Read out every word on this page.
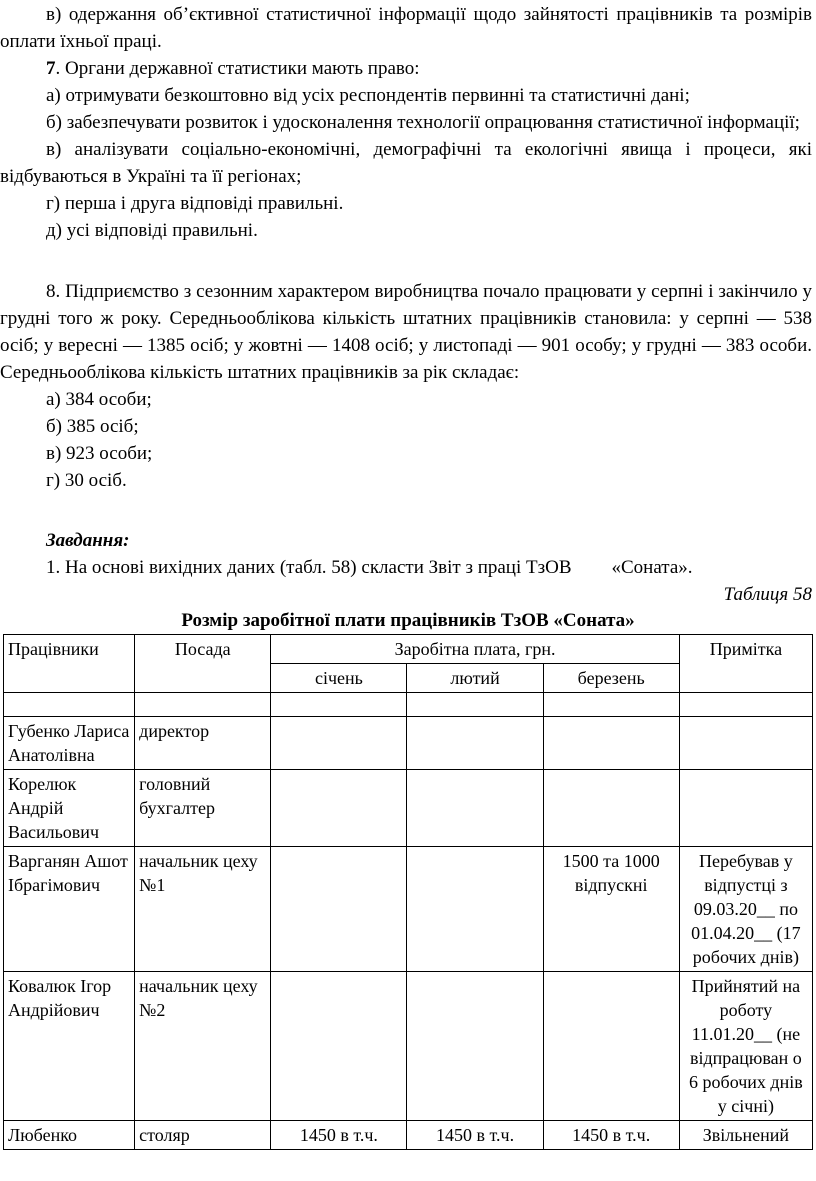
в) одержання об’єктивної статистичної інформації щодо зайнятості працівників та розмірів оплати їхньої праці.

7. Органи державної статистики мають право:

а) отримувати безкоштовно від усіх респондентів первинні та статистичні дані;

б) забезпечувати розвиток і удосконалення технології опрацювання статистичної інформації;

в) аналізувати соціально-економічні, демографічні та екологічні явища і процеси, які відбуваються в Україні та її регіонах;

г) перша і друга відповіді правильні.

д) усі відповіді правильні.

8. Підприємство з сезонним характером виробництва почало працювати у серпні і закінчило у грудні того ж року. Середньооблікова кількість штатних працівників становила: у серпні — 538 осіб; у вересні — 1385 осіб; у жовтні — 1408 осіб; у листопаді — 901 особу; у грудні — 383 особи. Середньооблікова кількість штатних працівників за рік складає:

а) 384 особи;

б) 385 осіб;

в) 923 особи;

г) 30 осіб.

Завдання:

1. На основі вихідних даних (табл. 58) скласти Звіт з праці ТзОВ «Соната».

Таблиця 58
Розмір заробітної плати працівників ТзОВ «Соната»
Працівники	Посада	Заробітна плата, грн.			Примітка
		січень	лютий	березень	

Губенко Лариса Анатолівна	директор				
Корелюк Андрій Васильович	головний бухгалтер				
Варганян Ашот Ібрагімович	начальник цеху №1			1500 та 1000 відпускні	Перебував у відпустці з 09.03.20__ по 01.04.20__ (17 робочих днів)
Ковалюк Ігор Андрійович	начальник цеху №2				Прийнятий на роботу 11.01.20__ (не відпрацюван о 6 робочих днів у січні)
Любенко	столяр	1450 в т.ч.	1450 в т.ч.	1450 в т.ч.	Звільнений
